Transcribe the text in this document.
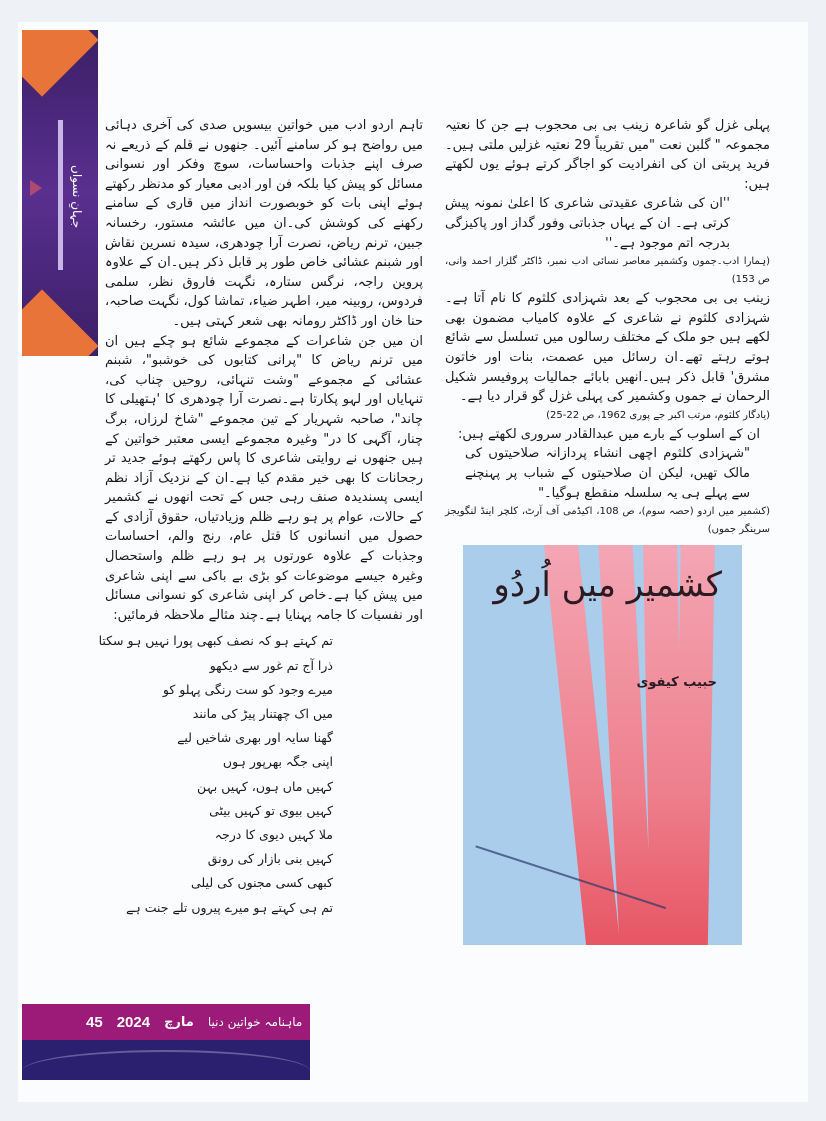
جہانِ نسواں

پہلی غزل گو شاعرہ زینب بی بی محجوب ہے جن کا نعتیہ مجموعہ " گلبن نعت "میں تقریباً 29 نعتیہ غزلیں ملتی ہیں۔فرید پربتی ان کی انفرادیت کو اجاگر کرتے ہوئے یوں لکھتے ہیں:

''ان کی شاعری عقیدتی شاعری کا اعلیٰ نمونہ پیش کرتی ہے۔ ان کے یہاں جذباتی وفور گداز اور پاکیزگی بدرجہ اتم موجود ہے۔''

(ہمارا ادب۔جموں وکشمیر معاصر نسائی ادب نمبر، ڈاکٹر گلزار احمد وانی، ص 153)

زینب بی بی محجوب کے بعد شہزادی کلثوم کا نام آتا ہے۔شہزادی کلثوم نے شاعری کے علاوہ کامیاب مضمون بھی لکھے ہیں جو ملک کے مختلف رسالوں میں تسلسل سے شائع ہوتے رہتے تھے۔ان رسائل میں عصمت، بنات اور خاتون مشرق' قابل ذکر ہیں۔انھیں بابائے جمالیات پروفیسر شکیل الرحمان نے جموں وکشمیر کی پہلی غزل گو قرار دیا ہے۔

(یادگار کلثوم، مرتب اکبر جے پوری 1962، ص 22-25)

ان کے اسلوب کے بارے میں عبدالقادر سروری لکھتے ہیں:

"شہزادی کلثوم اچھی انشاء پردازانہ صلاحیتوں کی مالک تھیں، لیکن ان صلاحیتوں کے شباب پر پہنچنے سے پہلے ہی یہ سلسلہ منقطع ہوگیا۔"

(کشمیر میں اردو (حصہ سوم)، ص 108، اکیڈمی آف آرٹ، کلچر اینڈ لنگویجز سرینگر جموں)

کشمیر میں اُردُو
حبیب کیفوی

تاہم اردو ادب میں خواتین بیسویں صدی کی آخری دہائی میں رواضح ہو کر سامنے آئیں۔ جنھوں نے قلم کے ذریعے نہ صرف اپنے جذبات واحساسات، سوچ وفکر اور نسوانی مسائل کو پیش کیا بلکہ فن اور ادبی معیار کو مدنظر رکھتے ہوئے اپنی بات کو خوبصورت انداز میں قاری کے سامنے رکھنے کی کوشش کی۔ان میں عائشہ مستور، رخسانہ جبین، ترنم ریاض، نصرت آرا چودھری، سیدہ نسرین نقاش اور شبنم عشائی خاص طور پر قابل ذکر ہیں۔ان کے علاوہ پروین راجہ، نرگس ستارہ، نگہت فاروق نظر، سلمی فردوس، روبینہ میر، اطہر ضیاء، تماشا کول، نگہت صاحبہ، حنا خان اور ڈاکٹر رومانہ بھی شعر کہتی ہیں۔

ان میں جن شاعرات کے مجموعے شائع ہو چکے ہیں ان میں ترنم ریاض کا "پرانی کتابوں کی خوشبو"، شبنم عشائی کے مجموعے "وشت تنہائی، روحیں چناب کی، تنہایاں اور لہو پکارتا ہے۔نصرت آرا چودھری کا 'ہتھیلی کا چاند"، صاحبہ شہریار کے تین مجموعے "شاخ لرزاں، برگ چنار، آگہی کا در" وغیرہ مجموعے ایسی معتبر خواتین کے ہیں جنھوں نے روایتی شاعری کا پاس رکھتے ہوئے جدید تر رجحانات کا بھی خیر مقدم کیا ہے۔ان کے نزدیک آزاد نظم ایسی پسندیدہ صنف رہی جس کے تحت انھوں نے کشمیر کے حالات، عوام پر ہو رہے ظلم وزیادتیاں، حقوق آزادی کے حصول میں انسانوں کا قتل عام، رنج والم، احساسات وجذبات کے علاوہ عورتوں پر ہو رہے ظلم واستحصال وغیرہ جیسے موضوعات کو بڑی بے باکی سے اپنی شاعری میں پیش کیا ہے۔خاص کر اپنی شاعری کو نسوانی مسائل اور نفسیات کا جامہ پہنایا ہے۔چند مثالے ملاحظہ فرمائیں:

تم کہتے ہو کہ نصف کبھی پورا نہیں ہو سکتا
ذرا آج تم غور سے دیکھو
میرے وجود کو ست رنگی پہلو کو
میں اک چھتنار پیڑ کی مانند
گھنا سایہ اور بھری شاخیں لیے
اپنی جگہ بھرپور ہوں
کہیں ماں ہوں، کہیں بہن
کہیں بیوی تو کہیں بیٹی
ملا کہیں دیوی کا درجہ
کہیں بنی بازار کی رونق
کبھی کسی مجنوں کی لیلی
تم ہی کہتے ہو میرے پیروں تلے جنت ہے
45 2024 مارچ ماہنامہ خواتین دنیا
